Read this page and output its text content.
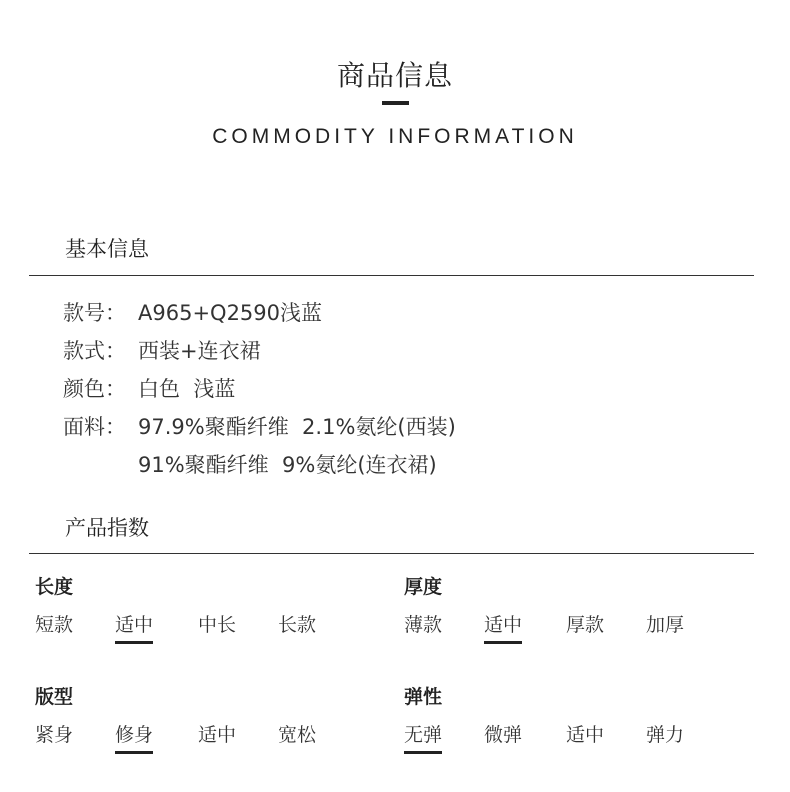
商品信息
COMMODITY INFORMATION
基本信息
款号： A965+Q2590浅蓝
款式： 西装+连衣裙
颜色： 白色  浅蓝
面料： 97.9%聚酯纤维  2.1%氨纶(西装)
91%聚酯纤维  9%氨纶(连衣裙)
产品指数
长度
短款 适中 中长 长款
厚度
薄款 适中 厚款 加厚
版型
紧身 修身 适中 宽松
弹性
无弹 微弹 适中 弹力
